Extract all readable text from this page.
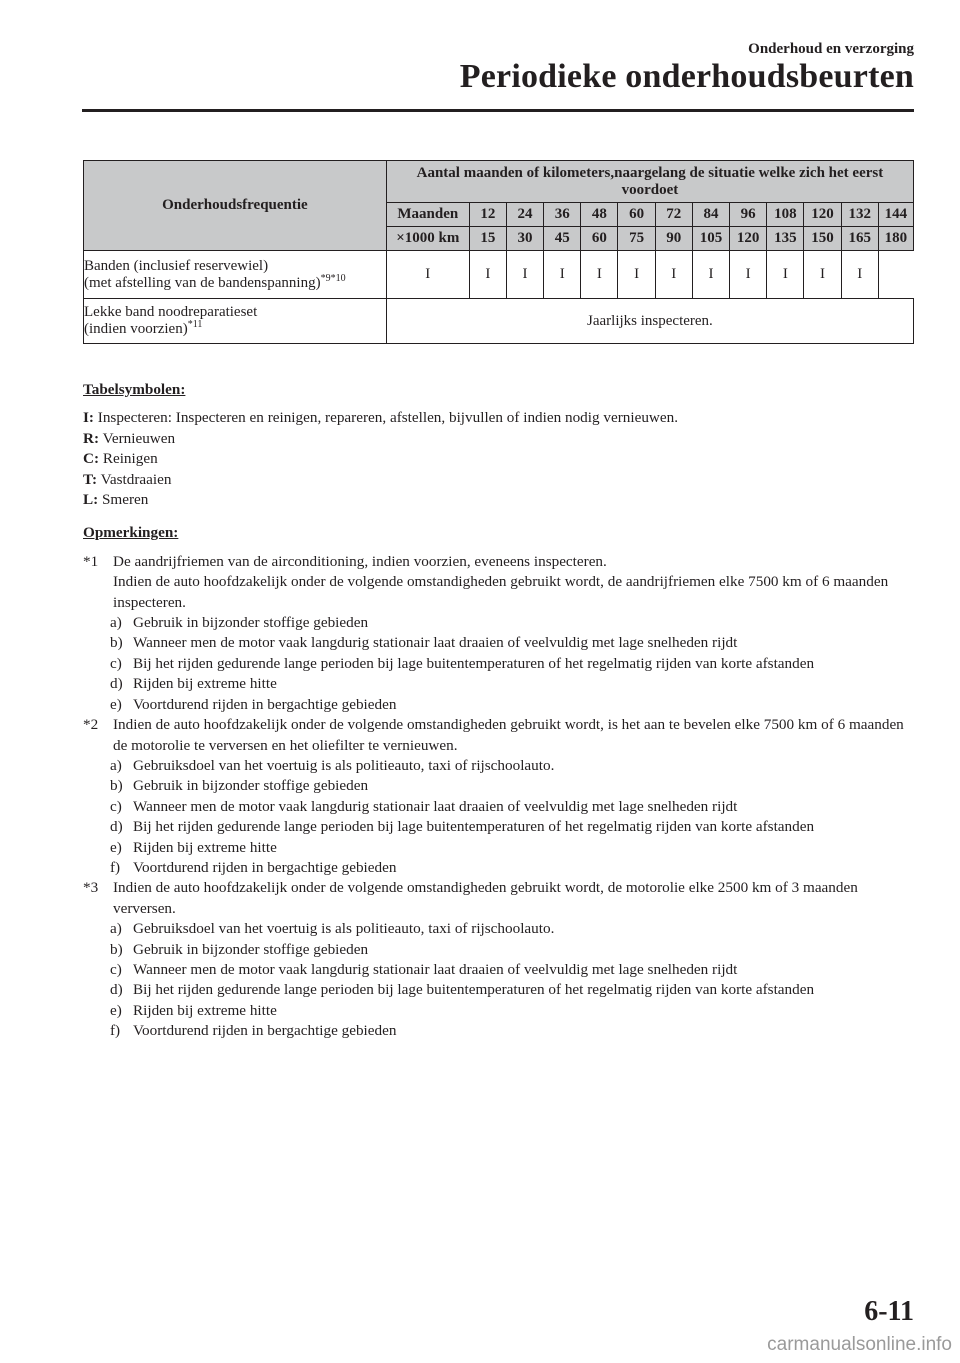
Onderhoud en verzorging
Periodieke onderhoudsbeurten
Onderhoudsfrequentie	Aantal maanden of kilometers,naargelang de situatie welke zich het eerst voordoet												
	Maanden	12	24	36	48	60	72	84	96	108	120	132	144
	×1000 km	15	30	45	60	75	90	105	120	135	150	165	180
Banden (inclusief reservewiel)
(met afstelling van de bandenspanning)$^{*9*10}$	I	I	I	I	I	I	I	I	I	I	I	I	
Lekke band noodreparatieset
(indien voorzien)$^{*11}$	Jaarlijks inspecteren.												

Tabelsymbolen:

I: Inspecteren: Inspecteren en reinigen, repareren, afstellen, bijvullen of indien nodig vernieuwen.

R: Vernieuwen

C: Reinigen

T: Vastdraaien

L: Smeren

Opmerkingen:

*1 De aandrijfriemen van de airconditioning, indien voorzien, eveneens inspecteren.

Indien de auto hoofdzakelijk onder de volgende omstandigheden gebruikt wordt, de aandrijfriemen elke 7500 km of 6 maanden inspecteren.

a) Gebruik in bijzonder stoffige gebieden

b) Wanneer men de motor vaak langdurig stationair laat draaien of veelvuldig met lage snelheden rijdt

c) Bij het rijden gedurende lange perioden bij lage buitentemperaturen of het regelmatig rijden van korte afstanden

d) Rijden bij extreme hitte

e) Voortdurend rijden in bergachtige gebieden

*2 Indien de auto hoofdzakelijk onder de volgende omstandigheden gebruikt wordt, is het aan te bevelen elke 7500 km of 6 maanden de motorolie te verversen en het oliefilter te vernieuwen.

a) Gebruiksdoel van het voertuig is als politieauto, taxi of rijschoolauto.

b) Gebruik in bijzonder stoffige gebieden

c) Wanneer men de motor vaak langdurig stationair laat draaien of veelvuldig met lage snelheden rijdt

d) Bij het rijden gedurende lange perioden bij lage buitentemperaturen of het regelmatig rijden van korte afstanden

e) Rijden bij extreme hitte

f) Voortdurend rijden in bergachtige gebieden

*3 Indien de auto hoofdzakelijk onder de volgende omstandigheden gebruikt wordt, de motorolie elke 2500 km of 3 maanden verversen.

a) Gebruiksdoel van het voertuig is als politieauto, taxi of rijschoolauto.

b) Gebruik in bijzonder stoffige gebieden

c) Wanneer men de motor vaak langdurig stationair laat draaien of veelvuldig met lage snelheden rijdt

d) Bij het rijden gedurende lange perioden bij lage buitentemperaturen of het regelmatig rijden van korte afstanden

e) Rijden bij extreme hitte

f) Voortdurend rijden in bergachtige gebieden

6-11
carmanualsonline.info
